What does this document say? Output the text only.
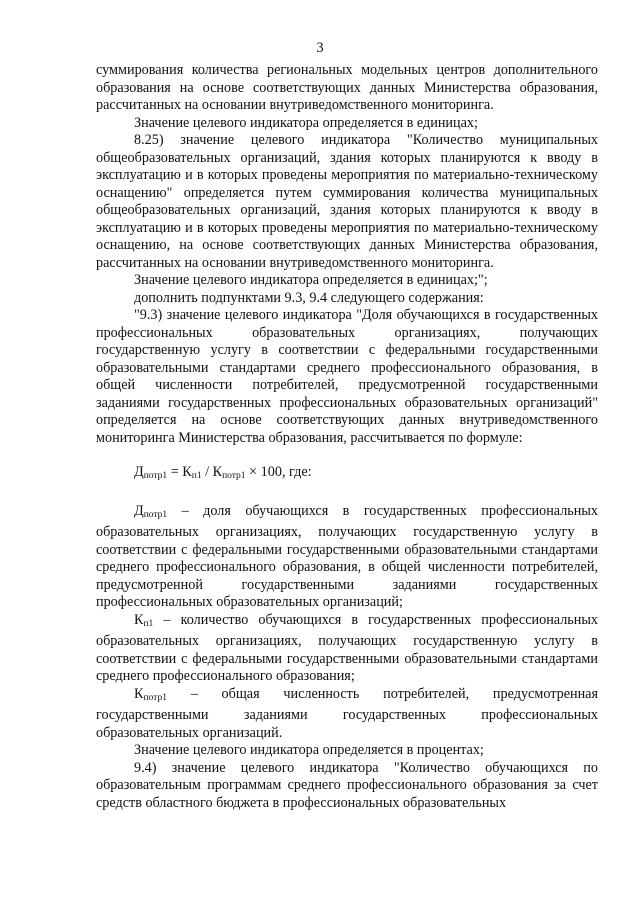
3

суммирования количества региональных модельных центров дополнительного образования на основе соответствующих данных Министерства образования, рассчитанных на основании внутриведомственного мониторинга.

Значение целевого индикатора определяется в единицах;

8.25) значение целевого индикатора "Количество муниципальных общеобразовательных организаций, здания которых планируются к вводу в эксплуатацию и в которых проведены мероприятия по материально-техническому оснащению" определяется путем суммирования количества муниципальных общеобразовательных организаций, здания которых планируются к вводу в эксплуатацию и в которых проведены мероприятия по материально-техническому оснащению, на основе соответствующих данных Министерства образования, рассчитанных на основании внутриведомственного мониторинга.

Значение целевого индикатора определяется в единицах;";

дополнить подпунктами 9.3, 9.4 следующего содержания:

"9.3) значение целевого индикатора "Доля обучающихся в государственных профессиональных образовательных организациях, получающих государственную услугу в соответствии с федеральными государственными образовательными стандартами среднего профессионального образования, в общей численности потребителей, предусмотренной государственными заданиями государственных профессиональных образовательных организаций" определяется на основе соответствующих данных внутриведомственного мониторинга Министерства образования, рассчитывается по формуле:

$Д_{потр1} = К_{п1} / К_{потр1} \times 100$, где:

$Д_{потр1}$ – доля обучающихся в государственных профессиональных образовательных организациях, получающих государственную услугу в соответствии с федеральными государственными образовательными стандартами среднего профессионального образования, в общей численности потребителей, предусмотренной государственными заданиями государственных профессиональных образовательных организаций;

$К_{п1}$ – количество обучающихся в государственных профессиональных образовательных организациях, получающих государственную услугу в соответствии с федеральными государственными образовательными стандартами среднего профессионального образования;

$К_{потр1}$ – общая численность потребителей, предусмотренная государственными заданиями государственных профессиональных образовательных организаций.

Значение целевого индикатора определяется в процентах;

9.4) значение целевого индикатора "Количество обучающихся по образовательным программам среднего профессионального образования за счет средств областного бюджета в профессиональных образовательных
